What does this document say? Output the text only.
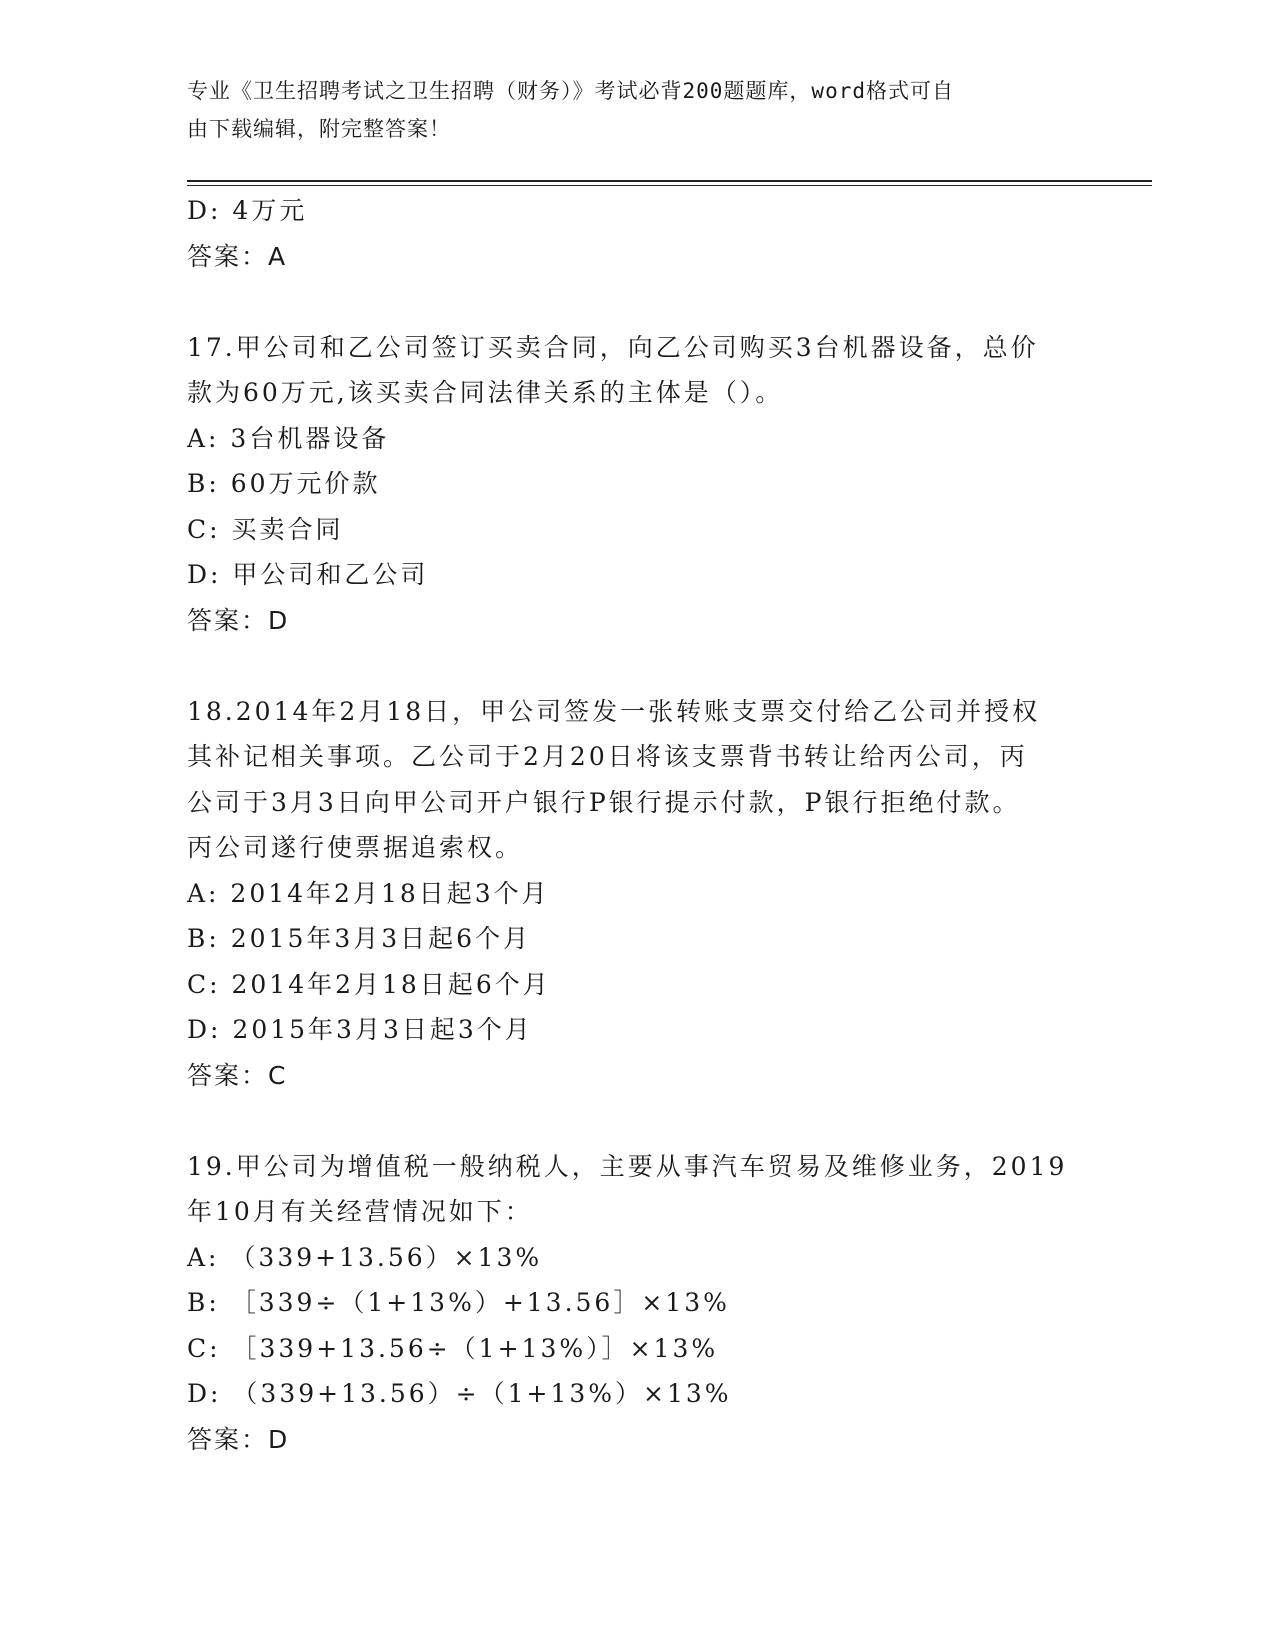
专业《卫生招聘考试之卫生招聘（财务）》考试必背200题题库，word格式可自
由下载编辑，附完整答案！
D: 4万元
答案：A
17.甲公司和乙公司签订买卖合同，向乙公司购买3台机器设备，总价
款为60万元,该买卖合同法律关系的主体是（）。
A: 3台机器设备
B: 60万元价款
C: 买卖合同
D: 甲公司和乙公司
答案：D
18.2014年2月18日，甲公司签发一张转账支票交付给乙公司并授权
其补记相关事项。乙公司于2月20日将该支票背书转让给丙公司，丙
公司于3月3日向甲公司开户银行P银行提示付款，P银行拒绝付款。
丙公司遂行使票据追索权。
A: 2014年2月18日起3个月
B: 2015年3月3日起6个月
C: 2014年2月18日起6个月
D: 2015年3月3日起3个月
答案：C
19.甲公司为增值税一般纳税人，主要从事汽车贸易及维修业务，2019
年10月有关经营情况如下：
A: （339+13.56）×13%
B: ［339÷（1+13%）+13.56］×13%
C: ［339+13.56÷（1+13%）］×13%
D: （339+13.56）÷（1+13%）×13%
答案：D
